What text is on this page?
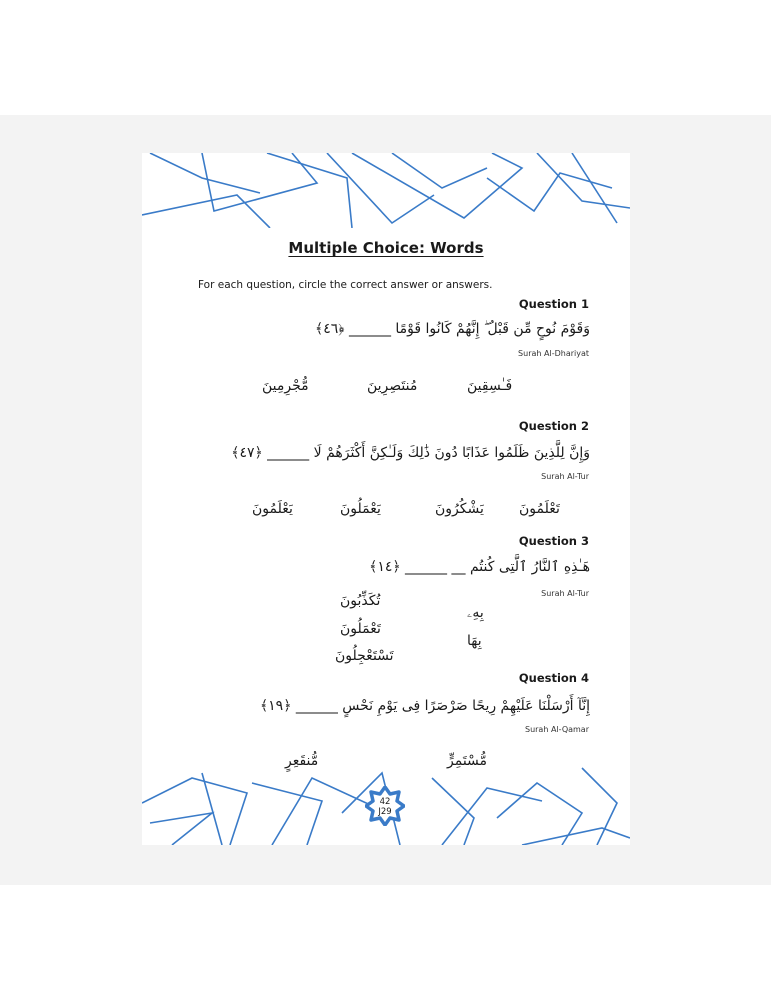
Multiple Choice: Words
For each question, circle the correct answer or answers.
Question 1
وَقَوْمَ نُوحٍ مِّن قَبْلُ ۖ إِنَّهُمْ كَانُوا قَوْمًا ______ ﴿٤٦﴾
Surah Al-Dhariyat
فَـٰسِقِينَ
مُنتَصِرِينَ
مُّجْرِمِينَ
Question 2
وَإِنَّ لِلَّذِينَ ظَلَمُوا عَذَابًا دُونَ ذَٰلِكَ وَلَـٰكِنَّ أَكْثَرَهُمْ لَا ______ ﴿٤٧﴾
Surah Al-Tur
تَعْلَمُونَ
يَشْكُرُونَ
يَعْمَلُونَ
يَعْلَمُونَ
Question 3
هَـٰذِهِ ٱلنَّارُ ٱلَّتِى كُنتُم __ ______ ﴿١٤﴾
Surah Al-Tur
بِهِۦ
بِهَا
تُكَذِّبُونَ
تَعْمَلُونَ
تَسْتَعْجِلُونَ
Question 4
إِنَّآ أَرْسَلْنَا عَلَيْهِمْ رِيحًا صَرْصَرًا فِى يَوْمِ نَحْسٍ ______ ﴿١٩﴾
Surah Al-Qamar
مُّسْتَمِرٍّ
مُّنقَعِرٍ
42
J29
